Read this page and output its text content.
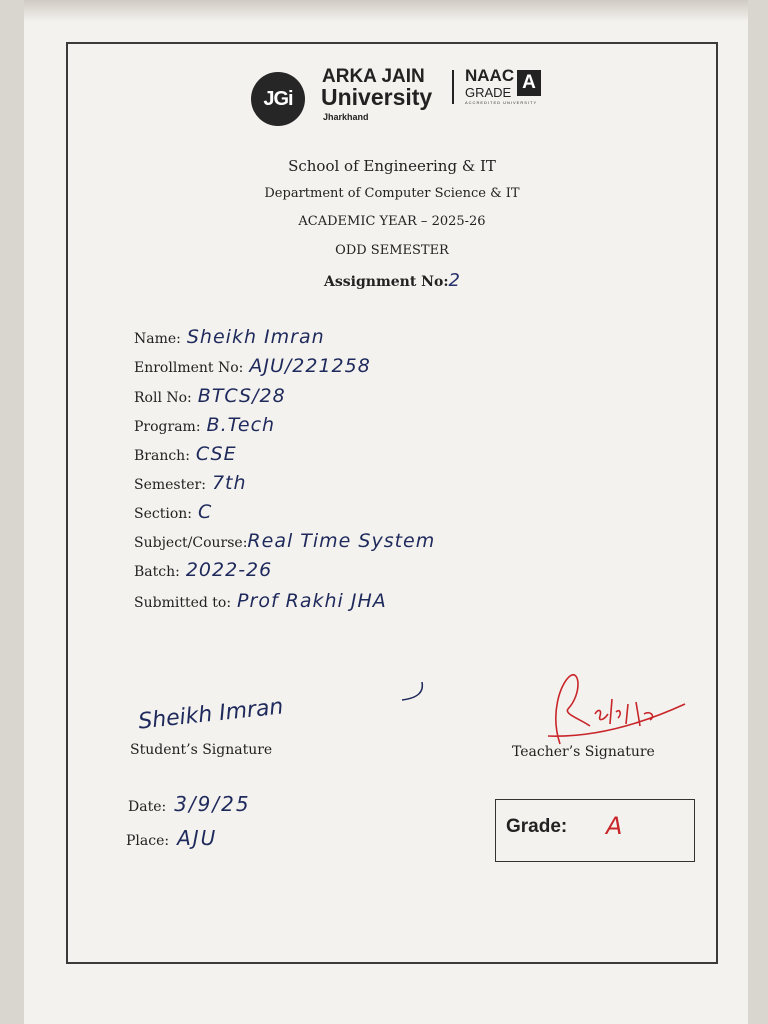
JGi
ARKA JAIN
University
Jharkhand
NAAC
GRADE A
ACCREDITED UNIVERSITY
School of Engineering & IT
Department of Computer Science & IT
ACADEMIC YEAR – 2025-26
ODD SEMESTER
Assignment No:2
Name: Sheikh Imran
Enrollment No: AJU/221258
Roll No: BTCS/28
Program: B.Tech
Branch: CSE
Semester: 7th
Section: C
Subject/Course:Real Time System
Batch: 2022-26
Submitted to: Prof Rakhi JHA
Sheikh Imran
Student’s Signature	Teacher’s Signature
Date: 3/9/25
Place: AJU	Grade: A
